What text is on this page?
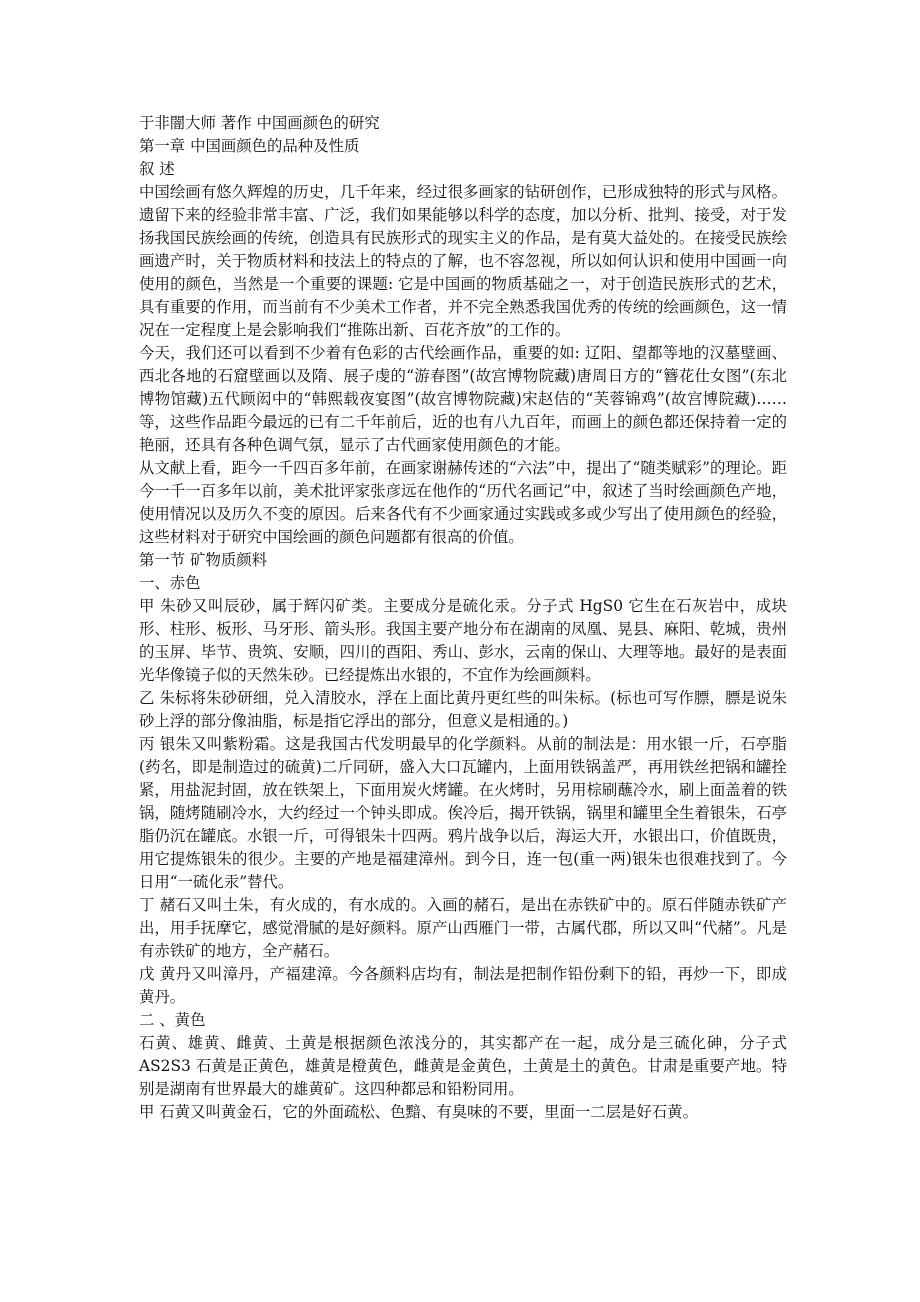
于非闇大师 著作 中国画颜色的研究
第一章 中国画颜色的品种及性质
叙 述

中国绘画有悠久辉煌的历史，几千年来，经过很多画家的钻研创作，已形成独特的形式与风格。遗留下来的经验非常丰富、广泛，我们如果能够以科学的态度，加以分析、批判、接受，对于发扬我国民族绘画的传统，创造具有民族形式的现实主义的作品，是有莫大益处的。在接受民族绘画遗产时，关于物质材料和技法上的特点的了解，也不容忽视，所以如何认识和使用中国画一向使用的颜色，当然是一个重要的课题: 它是中国画的物质基础之一，对于创造民族形式的艺术，具有重要的作用，而当前有不少美术工作者，并不完全熟悉我国优秀的传统的绘画颜色，这一情况在一定程度上是会影响我们“推陈出新、百花齐放”的工作的。

今天，我们还可以看到不少着有色彩的古代绘画作品，重要的如: 辽阳、望都等地的汉墓壁画、西北各地的石窟壁画以及隋、展子虔的“游春图”(故宫博物院藏)唐周日方的“簪花仕女图”(东北博物馆藏)五代顾闳中的“韩熙载夜宴图”(故宫博物院藏)宋赵佶的“芙蓉锦鸡”(故宫博院藏)……等，这些作品距今最远的已有二千年前后，近的也有八九百年，而画上的颜色都还保持着一定的艳丽，还具有各种色调气氛，显示了古代画家使用颜色的才能。

从文献上看，距今一千四百多年前，在画家谢赫传述的“六法”中，提出了“随类赋彩”的理论。距今一千一百多年以前，美术批评家张彦远在他作的“历代名画记”中，叙述了当时绘画颜色产地，使用情况以及历久不变的原因。后来各代有不少画家通过实践或多或少写出了使用颜色的经验，这些材料对于研究中国绘画的颜色问题都有很高的价值。

第一节 矿物质颜料

一、赤色

甲 朱砂又叫辰砂，属于辉闪矿类。主要成分是硫化汞。分子式 HgS0 它生在石灰岩中，成块形、柱形、板形、马牙形、箭头形。我国主要产地分布在湖南的凤凰、晃县、麻阳、乾城，贵州的玉屏、毕节、贵筑、安顺，四川的酉阳、秀山、彭水，云南的保山、大理等地。最好的是表面光华像镜子似的天然朱砂。已经提炼出水银的，不宜作为绘画颜料。

乙 朱标将朱砂研细，兑入清胶水，浮在上面比黄丹更红些的叫朱标。(标也可写作膘，膘是说朱砂上浮的部分像油脂，标是指它浮出的部分，但意义是相通的。)

丙 银朱又叫紫粉霜。这是我国古代发明最早的化学颜料。从前的制法是：用水银一斤，石亭脂(药名，即是制造过的硫黄)二斤同研，盛入大口瓦罐内，上面用铁锅盖严，再用铁丝把锅和罐拴紧，用盐泥封固，放在铁架上，下面用炭火烤罐。在火烤时，另用棕刷蘸冷水，刷上面盖着的铁锅，随烤随刷冷水，大约经过一个钟头即成。俟冷后，揭开铁锅，锅里和罐里全生着银朱，石亭脂仍沉在罐底。水银一斤，可得银朱十四两。鸦片战争以后，海运大开，水银出口，价值既贵，用它提炼银朱的很少。主要的产地是福建漳州。到今日，连一包(重一两)银朱也很难找到了。今日用“一硫化汞”替代。

丁 赭石又叫土朱，有火成的，有水成的。入画的赭石，是出在赤铁矿中的。原石伴随赤铁矿产出，用手抚摩它，感觉滑腻的是好颜料。原产山西雁门一带，古属代郡，所以又叫“代赭”。凡是有赤铁矿的地方，全产赭石。

戊 黄丹又叫漳丹，产福建漳。今各颜料店均有，制法是把制作铅份剩下的铅，再炒一下，即成黄丹。

二 、黄色

石黄、雄黄、雌黄、土黄是根据颜色浓浅分的，其实都产在一起，成分是三硫化砷，分子式 AS2S3 石黄是正黄色，雄黄是橙黄色，雌黄是金黄色，土黄是土的黄色。甘肃是重要产地。特别是湖南有世界最大的雄黄矿。这四种都忌和铅粉同用。

甲 石黄又叫黄金石，它的外面疏松、色黯、有臭味的不要，里面一二层是好石黄。
